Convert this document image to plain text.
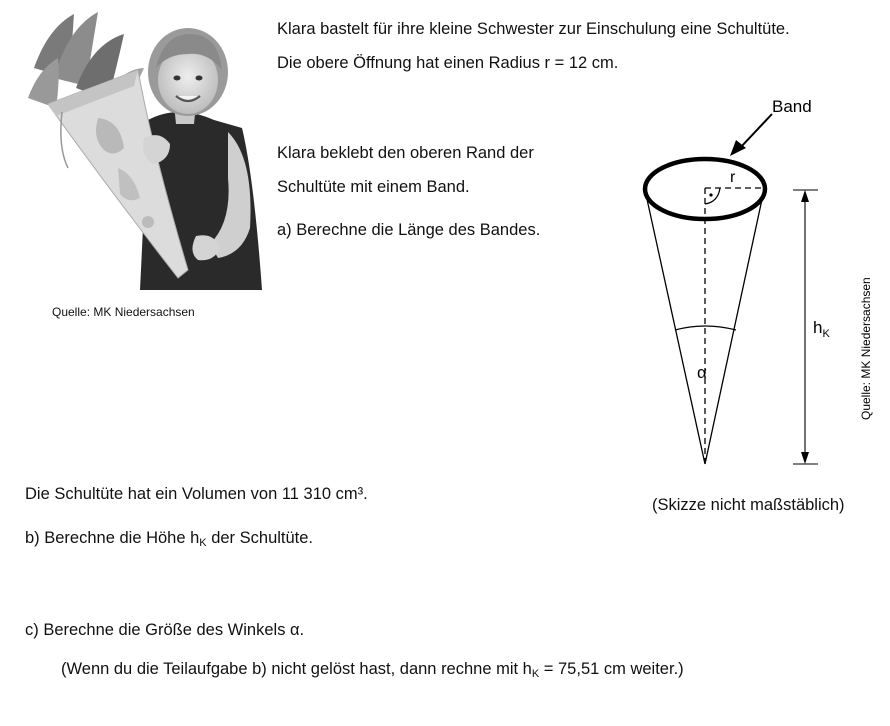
Quelle: MK Niedersachsen
Klara bastelt für ihre kleine Schwester zur Einschulung eine Schultüte.
Die obere Öffnung hat einen Radius r = 12 cm.
Klara beklebt den oberen Rand der
Schultüte mit einem Band.
a) Berechne die Länge des Bandes.
Band
r
α
$h_K$ Quelle: MK Niedersachsen
(Skizze nicht maßstäblich)
Die Schultüte hat ein Volumen von 11 310 cm³.
b) Berechne die Höhe $h_K$ der Schultüte.
c) Berechne die Größe des Winkels α.
(Wenn du die Teilaufgabe b) nicht gelöst hast, dann rechne mit $h_K = 75,51$ cm weiter.)
